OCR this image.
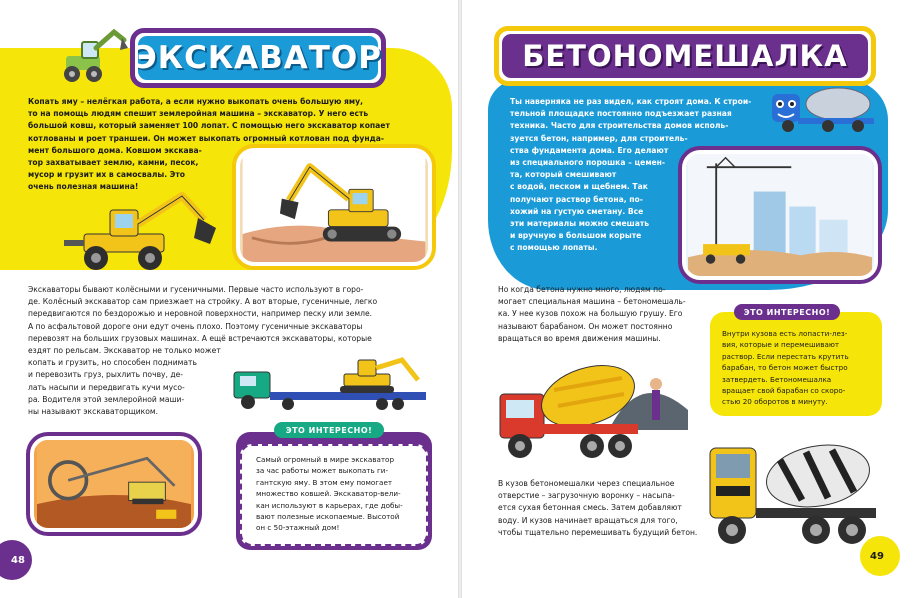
ЭКСКАВАТОР
Копать яму – нелёгкая работа, а если нужно выкопать очень большую яму,
то на помощь людям спешит землеройная машина – экскаватор. У него есть
большой ковш, который заменяет 100 лопат. С помощью него экскаватор копает
котлованы и роет траншеи. Он может выкопать огромный котлован под фунда-
мент большого дома. Ковшом экскава-
тор захватывает землю, камни, песок,
мусор и грузит их в самосвалы. Это
очень полезная машина!
Экскаваторы бывают колёсными и гусеничными. Первые часто используют в горо-
де. Колёсный экскаватор сам приезжает на стройку. А вот вторые, гусеничные, легко
передвигаются по бездорожью и неровной поверхности, например песку или земле.
А по асфальтовой дороге они едут очень плохо. Поэтому гусеничные экскаваторы
перевозят на больших грузовых машинах. А ещё встречаются экскаваторы, которые
ездят по рельсам. Экскаватор не только может
копать и грузить, но способен поднимать
и перевозить груз, рыхлить почву, де-
лать насыпи и передвигать кучи мусо-
ра. Водителя этой землеройной маши-
ны называют экскаваторщиком.
Самый огромный в мире экскаватор
за час работы может выкопать ги-
гантскую яму. В этом ему помогает
множество ковшей. Экскаватор-вели-
кан используют в карьерах, где добы-
вают полезные ископаемые. Высотой
он с 50-этажный дом!
ЭТО ИНТЕРЕСНО!
48
БЕТОНОМЕШАЛКА
Ты наверняка не раз видел, как строят дома. К строи-
тельной площадке постоянно подъезжает разная
техника. Часто для строительства домов исполь-
зуется бетон, например, для строитель-
ства фундамента дома. Его делают
из специального порошка – цемен-
та, который смешивают
с водой, песком и щебнем. Так
получают раствор бетона, по-
хожий на густую сметану. Все
эти материалы можно смешать
и вручную в большом корыте
с помощью лопаты.
Но когда бетона нужно много, людям по-
могает специальная машина – бетономешаль-
ка. У нее кузов похож на большую грушу. Его
называют барабаном. Он может постоянно
вращаться во время движения машины.
Внутри кузова есть лопасти-лез-
вия, которые и перемешивают
раствор. Если перестать крутить
барабан, то бетон может быстро
затвердеть. Бетономешалка
вращает свой барабан со скоро-
стью 20 оборотов в минуту.
ЭТО ИНТЕРЕСНО!
В кузов бетономешалки через специальное
отверстие – загрузочную воронку – насыпа-
ется сухая бетонная смесь. Затем добавляют
воду. И кузов начинает вращаться для того,
чтобы тщательно перемешивать будущий бетон.
49
